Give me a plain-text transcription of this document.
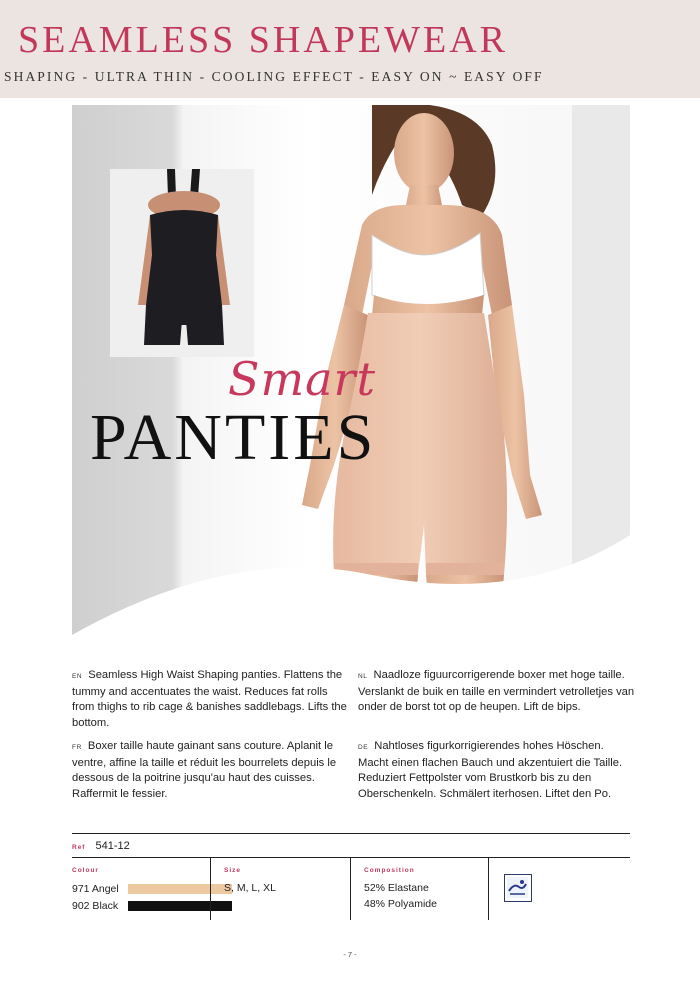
SEAMLESS SHAPEWEAR
SHAPING - ULTRA THIN - COOLING EFFECT - EASY ON ~ EASY OFF
Smart
PANTIES

EN Seamless High Waist Shaping panties. Flattens the tummy and accentuates the waist. Reduces fat rolls from thighs to rib cage & banishes saddlebags. Lifts the bottom.

FR Boxer taille haute gainant sans couture. Aplanit le ventre, affine la taille et réduit les bourrelets depuis le dessous de la poitrine jusqu'au haut des cuisses. Raffermit le fessier.

NL Naadloze figuurcorrigerende boxer met hoge taille. Verslankt de buik en taille en vermindert vetrolletjes van onder de borst tot op de heupen. Lift de bips.

DE Nahtloses figurkorrigierendes hohes Höschen. Macht einen flachen Bauch und akzentuiert die Taille. Reduziert Fettpolster vom Brustkorb bis zu den Oberschenkeln. Schmälert iterhosen. Liftet den Po.

Ref 541-12
Colour
971 Angel
902 Black
Size
S, M, L, XL
Composition
52% Elastane
48% Polyamide
- 7 -
